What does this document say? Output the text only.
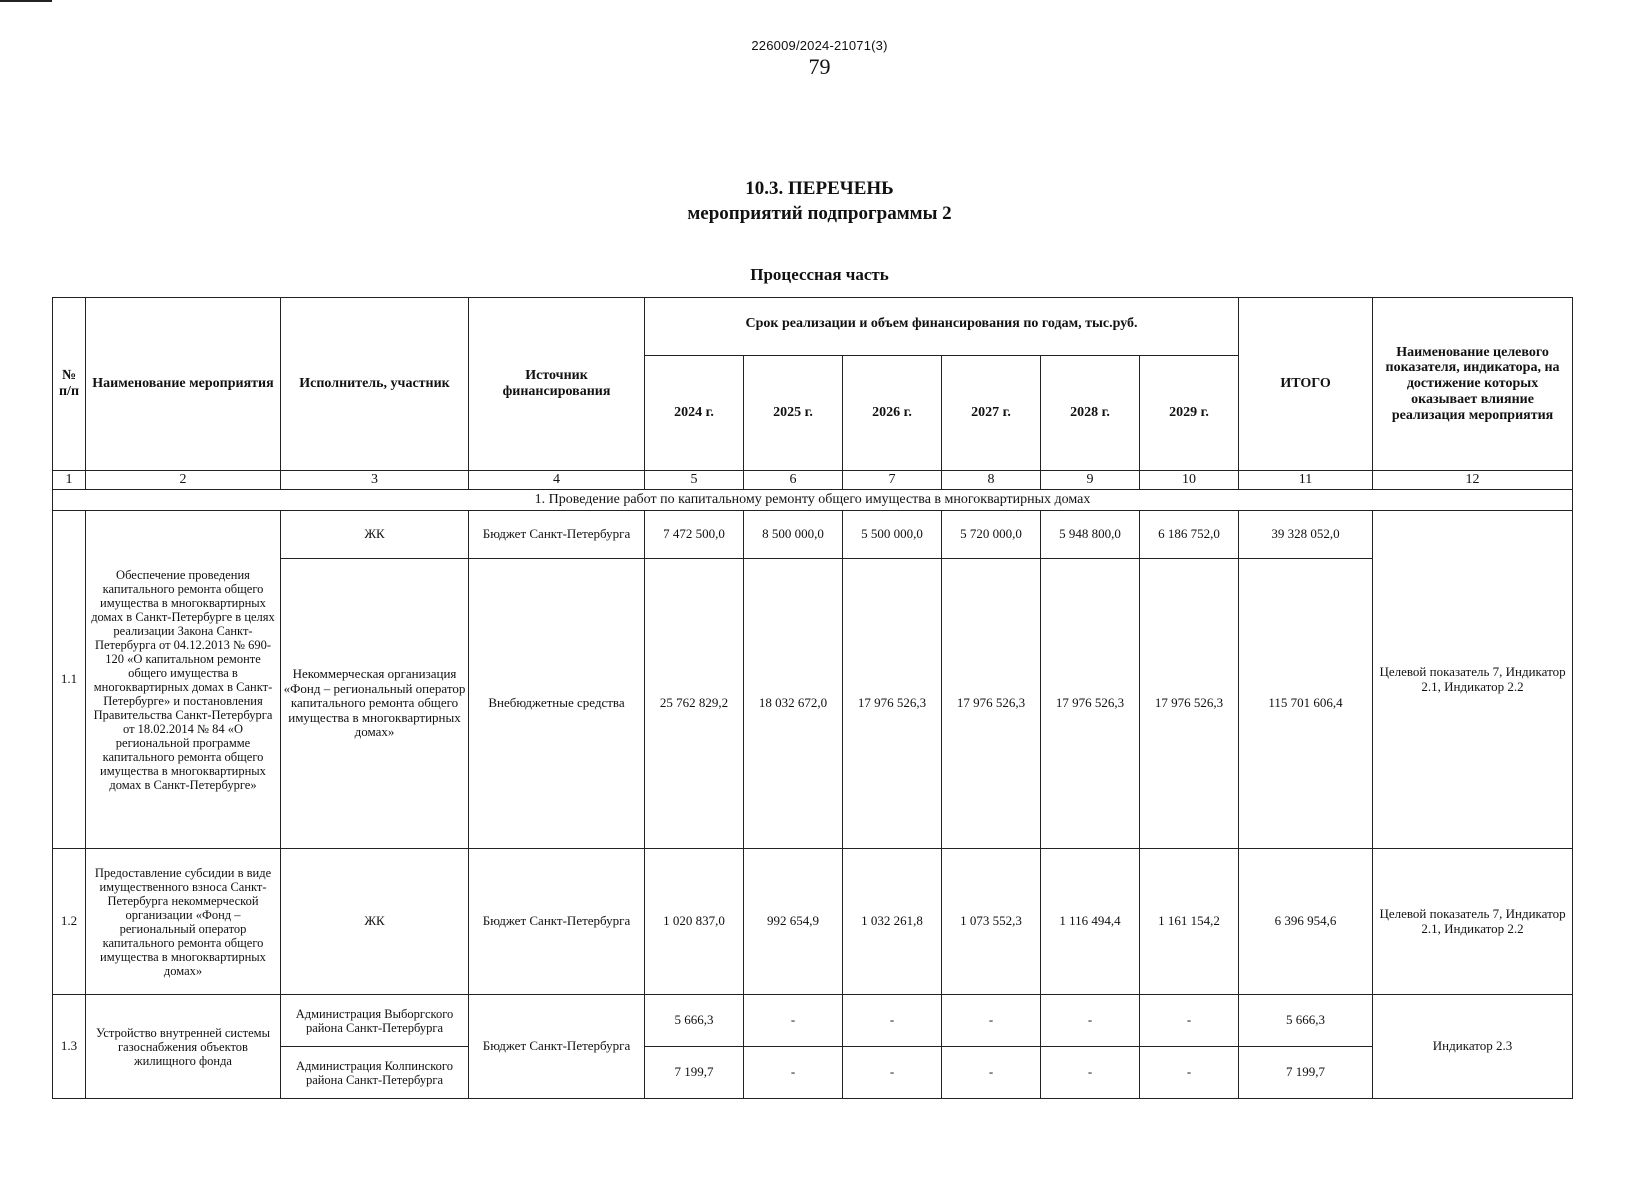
226009/2024-21071(3)
79
10.3. ПЕРЕЧЕНЬ
мероприятий подпрограммы 2
Процессная часть
№ п/п	Наименование мероприятия	Исполнитель, участник	Источник финансирования	Срок реализации и объем финансирования по годам, тыс.руб.						ИТОГО	Наименование целевого показателя, индикатора, на достижение которых оказывает влияние реализация мероприятия
				2024 г.	2025 г.	2026 г.	2027 г.	2028 г.	2029 г.		
1	2	3	4	5	6	7	8	9	10	11	12
1. Проведение работ по капитальному ремонту общего имущества в многоквартирных домах											
1.1	Обеспечение проведения капитального ремонта общего имущества в многоквартирных домах в Санкт-Петербурге в целях реализации Закона Санкт-Петербурга от 04.12.2013 № 690-120 «О капитальном ремонте общего имущества в многоквартирных домах в Санкт-Петербурге» и постановления Правительства Санкт-Петербурга от 18.02.2014 № 84 «О региональной программе капитального ремонта общего имущества в многоквартирных домах в Санкт-Петербурге»	ЖК	Бюджет Санкт-Петербурга	7 472 500,0	8 500 000,0	5 500 000,0	5 720 000,0	5 948 800,0	6 186 752,0	39 328 052,0	Целевой показатель 7, Индикатор 2.1, Индикатор 2.2
		Некоммерческая организация «Фонд – региональный оператор капитального ремонта общего имущества в многоквартирных домах»	Внебюджетные средства	25 762 829,2	18 032 672,0	17 976 526,3	17 976 526,3	17 976 526,3	17 976 526,3	115 701 606,4	
1.2	Предоставление субсидии в виде имущественного взноса Санкт-Петербурга некоммерческой организации «Фонд – региональный оператор капитального ремонта общего имущества в многоквартирных домах»	ЖК	Бюджет Санкт-Петербурга	1 020 837,0	992 654,9	1 032 261,8	1 073 552,3	1 116 494,4	1 161 154,2	6 396 954,6	Целевой показатель 7, Индикатор 2.1, Индикатор 2.2
1.3	Устройство внутренней системы газоснабжения объектов жилищного фонда	Администрация Выборгского района Санкт-Петербурга	Бюджет Санкт-Петербурга	5 666,3	-	-	-	-	-	5 666,3	Индикатор 2.3
		Администрация Колпинского района Санкт-Петербурга		7 199,7	-	-	-	-	-	7 199,7	
